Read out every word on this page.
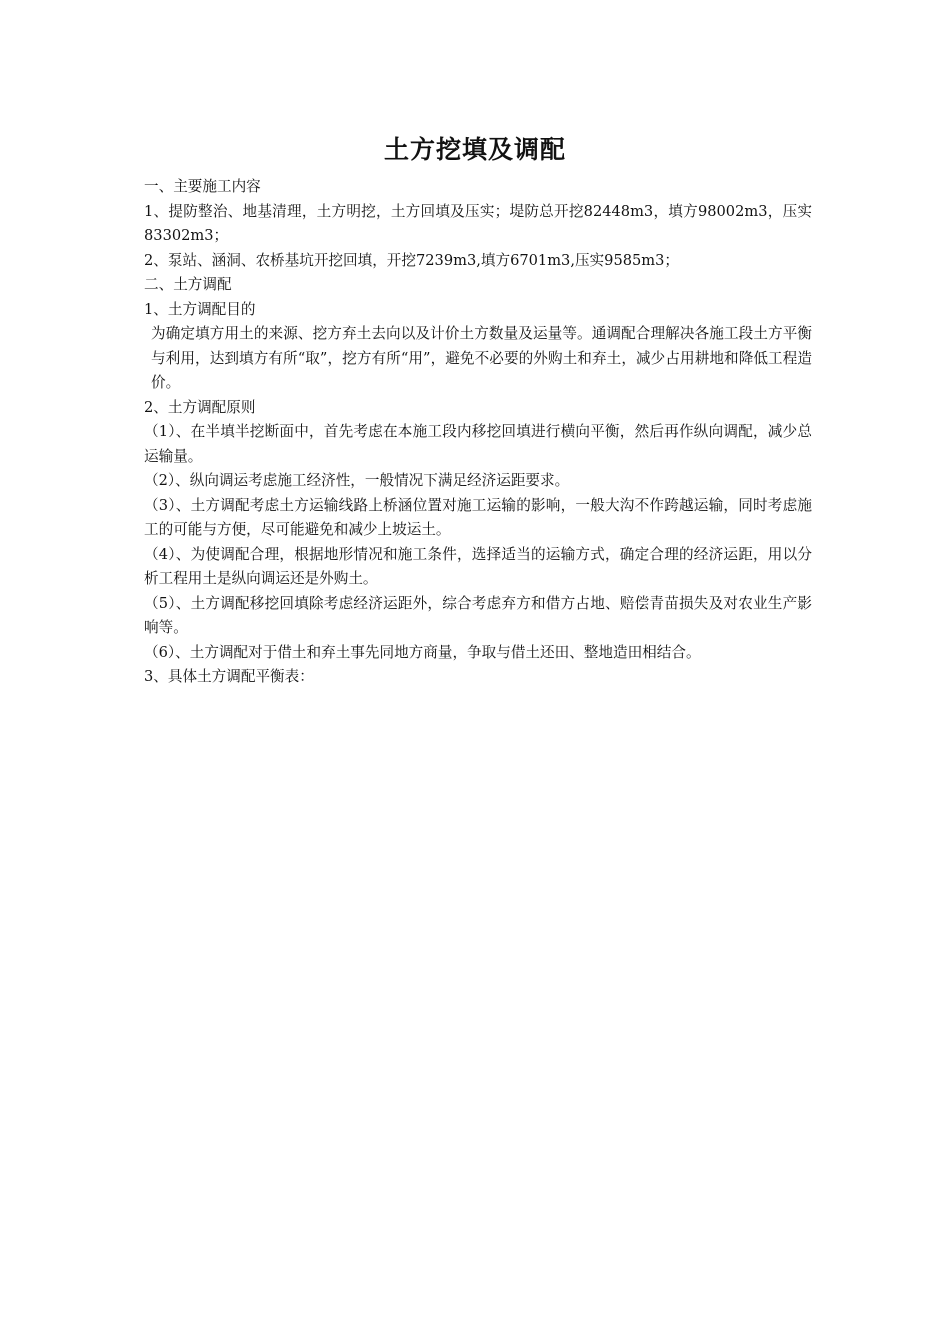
土方挖填及调配

一、主要施工内容

1、提防整治、地基清理，土方明挖，土方回填及压实；堤防总开挖82448m3，填方98002m3，压实83302m3；

2、泵站、涵洞、农桥基坑开挖回填，开挖7239m3,填方6701m3,压实9585m3；

二、土方调配

1、土方调配目的

为确定填方用土的来源、挖方弃土去向以及计价土方数量及运量等。通调配合理解决各施工段土方平衡与利用，达到填方有所“取”，挖方有所“用”，避免不必要的外购土和弃土，减少占用耕地和降低工程造价。

2、土方调配原则

（1）、在半填半挖断面中，首先考虑在本施工段内移挖回填进行横向平衡，然后再作纵向调配，减少总运输量。

（2）、纵向调运考虑施工经济性，一般情况下满足经济运距要求。

（3）、土方调配考虑土方运输线路上桥涵位置对施工运输的影响，一般大沟不作跨越运输，同时考虑施工的可能与方便，尽可能避免和减少上坡运土。

（4）、为使调配合理，根据地形情况和施工条件，选择适当的运输方式，确定合理的经济运距，用以分析工程用土是纵向调运还是外购土。

（5）、土方调配移挖回填除考虑经济运距外，综合考虑弃方和借方占地、赔偿青苗损失及对农业生产影响等。

（6）、土方调配对于借土和弃土事先同地方商量，争取与借土还田、整地造田相结合。

3、具体土方调配平衡表：
